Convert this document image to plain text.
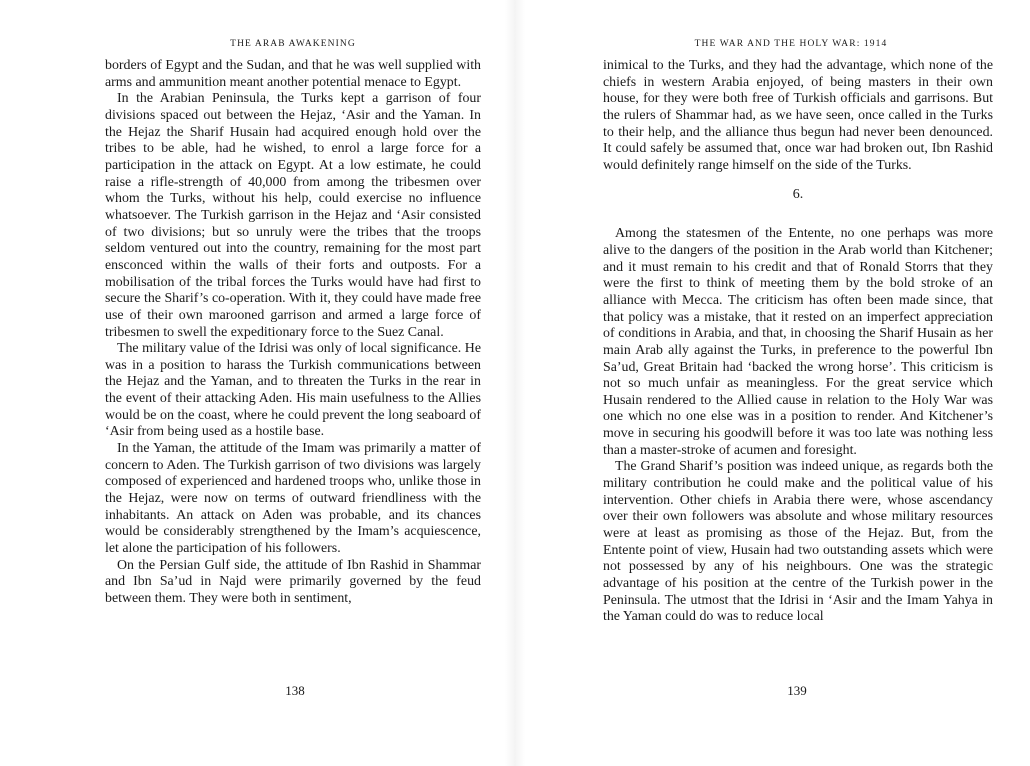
THE ARAB AWAKENING

borders of Egypt and the Sudan, and that he was well supplied with arms and ammunition meant another potential menace to Egypt.

In the Arabian Peninsula, the Turks kept a garrison of four divisions spaced out between the Hejaz, ‘Asir and the Yaman. In the Hejaz the Sharif Husain had acquired enough hold over the tribes to be able, had he wished, to enrol a large force for a participation in the attack on Egypt. At a low estimate, he could raise a rifle-strength of 40,000 from among the tribesmen over whom the Turks, without his help, could exercise no influence whatsoever. The Turkish garrison in the Hejaz and ‘Asir consisted of two divisions; but so unruly were the tribes that the troops seldom ventured out into the country, remaining for the most part ensconced within the walls of their forts and outposts. For a mobilisation of the tribal forces the Turks would have had first to secure the Sharif’s co-operation. With it, they could have made free use of their own marooned garrison and armed a large force of tribesmen to swell the expeditionary force to the Suez Canal.

The military value of the Idrisi was only of local significance. He was in a position to harass the Turkish communications between the Hejaz and the Yaman, and to threaten the Turks in the rear in the event of their attacking Aden. His main usefulness to the Allies would be on the coast, where he could prevent the long seaboard of ‘Asir from being used as a hostile base.

In the Yaman, the attitude of the Imam was primarily a matter of concern to Aden. The Turkish garrison of two divisions was largely composed of experienced and hardened troops who, unlike those in the Hejaz, were now on terms of outward friendliness with the inhabitants. An attack on Aden was probable, and its chances would be considerably strengthened by the Imam’s acquiescence, let alone the participation of his followers.

On the Persian Gulf side, the attitude of Ibn Rashid in Shammar and Ibn Sa’ud in Najd were primarily governed by the feud between them. They were both in sentiment,

138
THE WAR AND THE HOLY WAR: 1914

inimical to the Turks, and they had the advantage, which none of the chiefs in western Arabia enjoyed, of being masters in their own house, for they were both free of Turkish officials and garrisons. But the rulers of Shammar had, as we have seen, once called in the Turks to their help, and the alliance thus begun had never been denounced. It could safely be assumed that, once war had broken out, Ibn Rashid would definitely range himself on the side of the Turks.

6.

Among the statesmen of the Entente, no one perhaps was more alive to the dangers of the position in the Arab world than Kitchener; and it must remain to his credit and that of Ronald Storrs that they were the first to think of meeting them by the bold stroke of an alliance with Mecca. The criticism has often been made since, that that policy was a mistake, that it rested on an imperfect appreciation of conditions in Arabia, and that, in choosing the Sharif Husain as her main Arab ally against the Turks, in preference to the powerful Ibn Sa’ud, Great Britain had ‘backed the wrong horse’. This criticism is not so much unfair as meaningless. For the great service which Husain rendered to the Allied cause in relation to the Holy War was one which no one else was in a position to render. And Kitchener’s move in securing his goodwill before it was too late was nothing less than a master-stroke of acumen and foresight.

The Grand Sharif’s position was indeed unique, as regards both the military contribution he could make and the political value of his intervention. Other chiefs in Arabia there were, whose ascendancy over their own followers was absolute and whose military resources were at least as promising as those of the Hejaz. But, from the Entente point of view, Husain had two outstanding assets which were not possessed by any of his neighbours. One was the strategic advantage of his position at the centre of the Turkish power in the Peninsula. The utmost that the Idrisi in ‘Asir and the Imam Yahya in the Yaman could do was to reduce local

139
